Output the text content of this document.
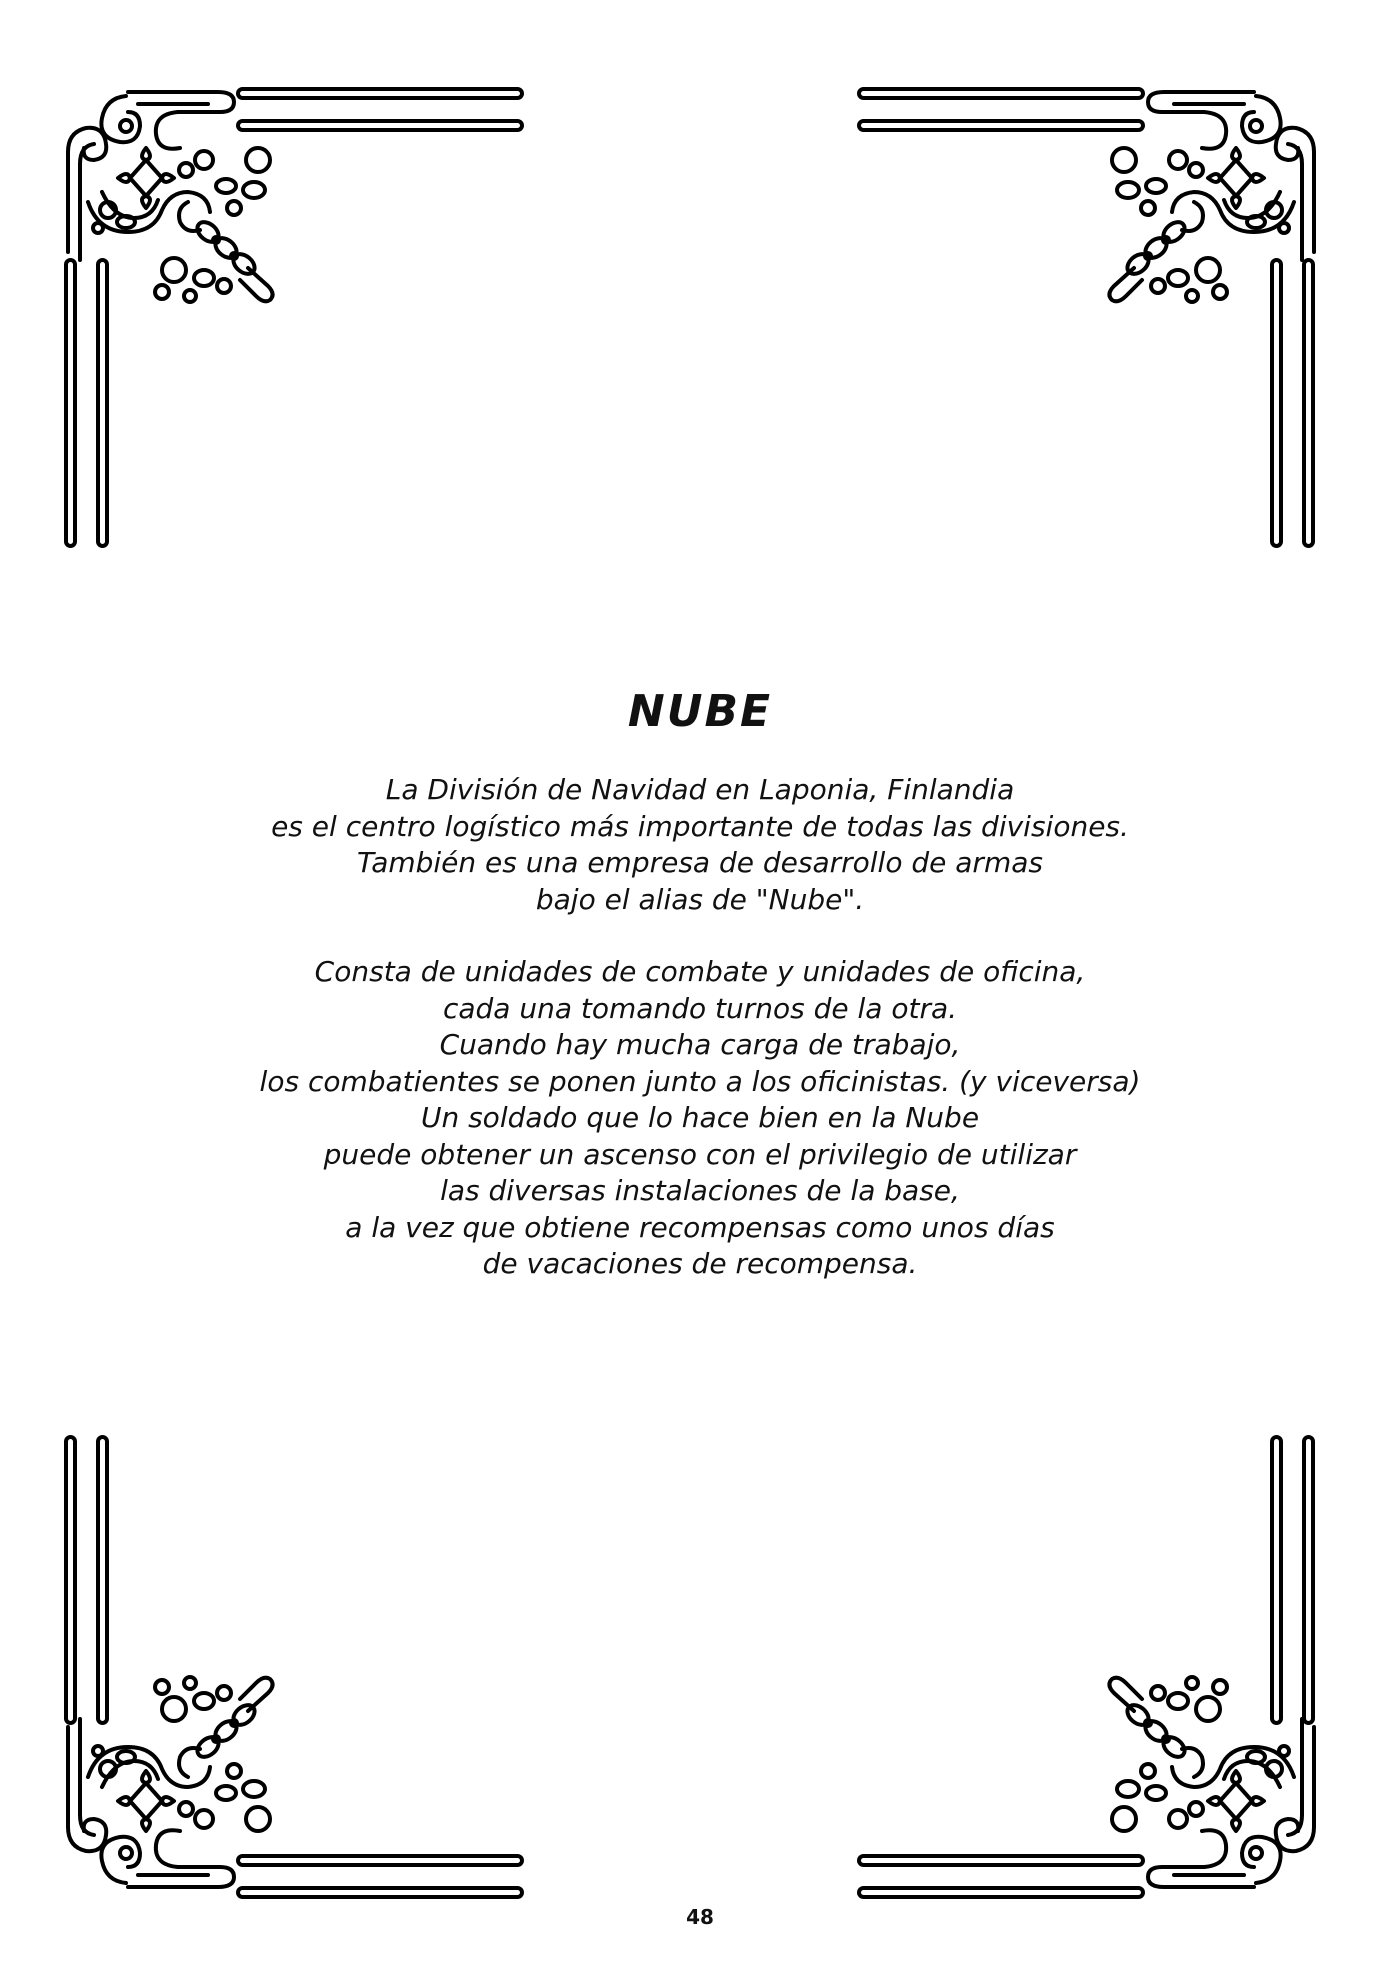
NUBE
La División de Navidad en Laponia, Finlandia
es el centro logístico más importante de todas las divisiones.
También es una empresa de desarrollo de armas
bajo el alias de "Nube".
Consta de unidades de combate y unidades de oficina,
cada una tomando turnos de la otra.
Cuando hay mucha carga de trabajo,
los combatientes se ponen junto a los oficinistas. (y viceversa)
Un soldado que lo hace bien en la Nube
puede obtener un ascenso con el privilegio de utilizar
las diversas instalaciones de la base,
a la vez que obtiene recompensas como unos días
de vacaciones de recompensa.
48
